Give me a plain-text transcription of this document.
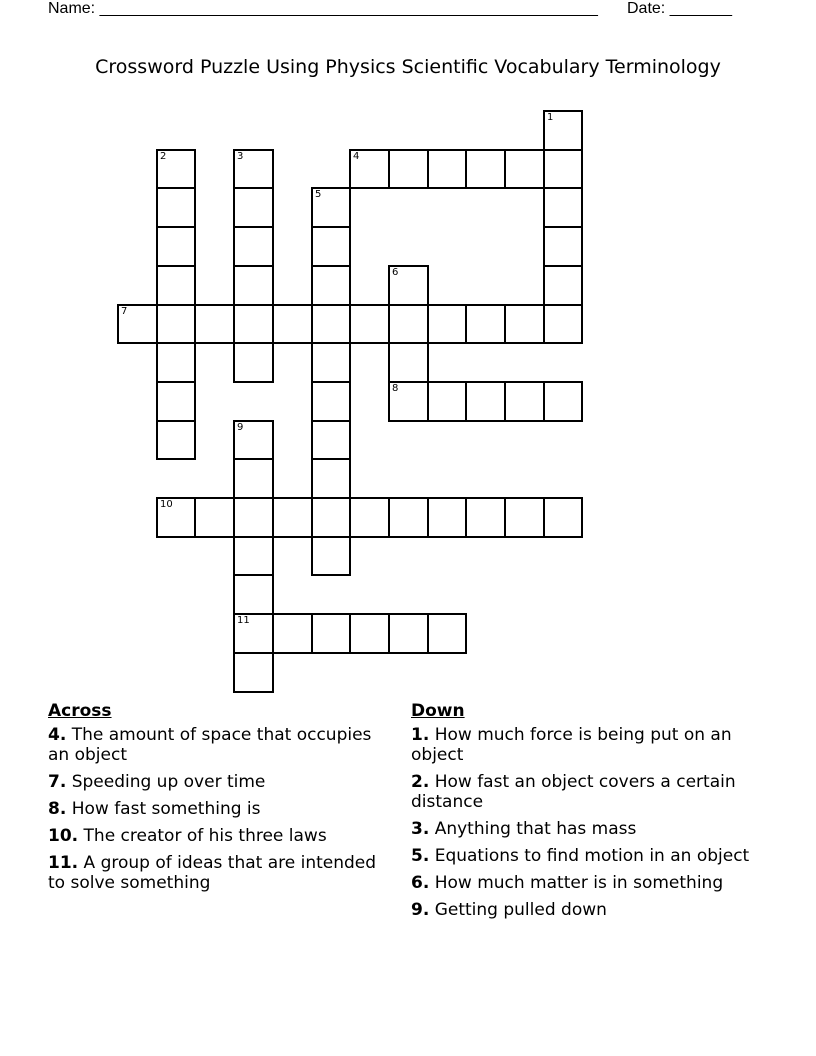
Name: ________________________________________________________ Date: _______
Crossword Puzzle Using Physics Scientific Vocabulary Terminology
1
2	3	4
5
6
7
8
9
11
10
Across
4. The amount of space that occupies an object
7. Speeding up over time
8. How fast something is
10. The creator of his three laws
11. A group of ideas that are intended to solve something
Down
1. How much force is being put on an object
2. How fast an object covers a certain distance
3. Anything that has mass
5. Equations to find motion in an object
6. How much matter is in something
9. Getting pulled down
